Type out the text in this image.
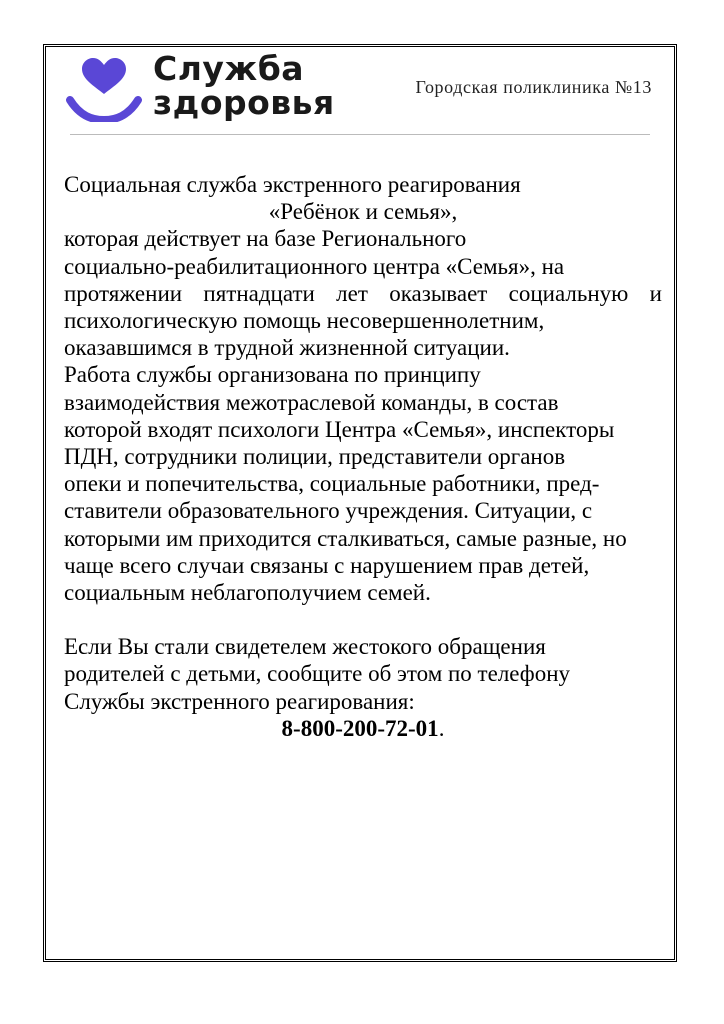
Служба
здоровья	Городская поликлиника №13

Социальная служба экстренного реагирования

«Ребёнок и семья»,

которая действует на базе Регионального

социально-реабилитационного центра «Семья», на

протяжении пятнадцати лет оказывает социальную и

психологическую помощь несовершеннолетним,

оказавшимся в трудной жизненной ситуации.

Работа службы организована по принципу

взаимодействия межотраслевой команды, в состав

которой входят психологи Центра «Семья», инспекторы

ПДН, сотрудники полиции, представители органов

опеки и попечительства, социальные работники, пред-

ставители образовательного учреждения. Ситуации, с

которыми им приходится сталкиваться, самые разные, но

чаще всего случаи связаны с нарушением прав детей,

социальным неблагополучием семей.

Если Вы стали свидетелем жестокого обращения

родителей с детьми, сообщите об этом по телефону

Службы экстренного реагирования:

8-800-200-72-01.
